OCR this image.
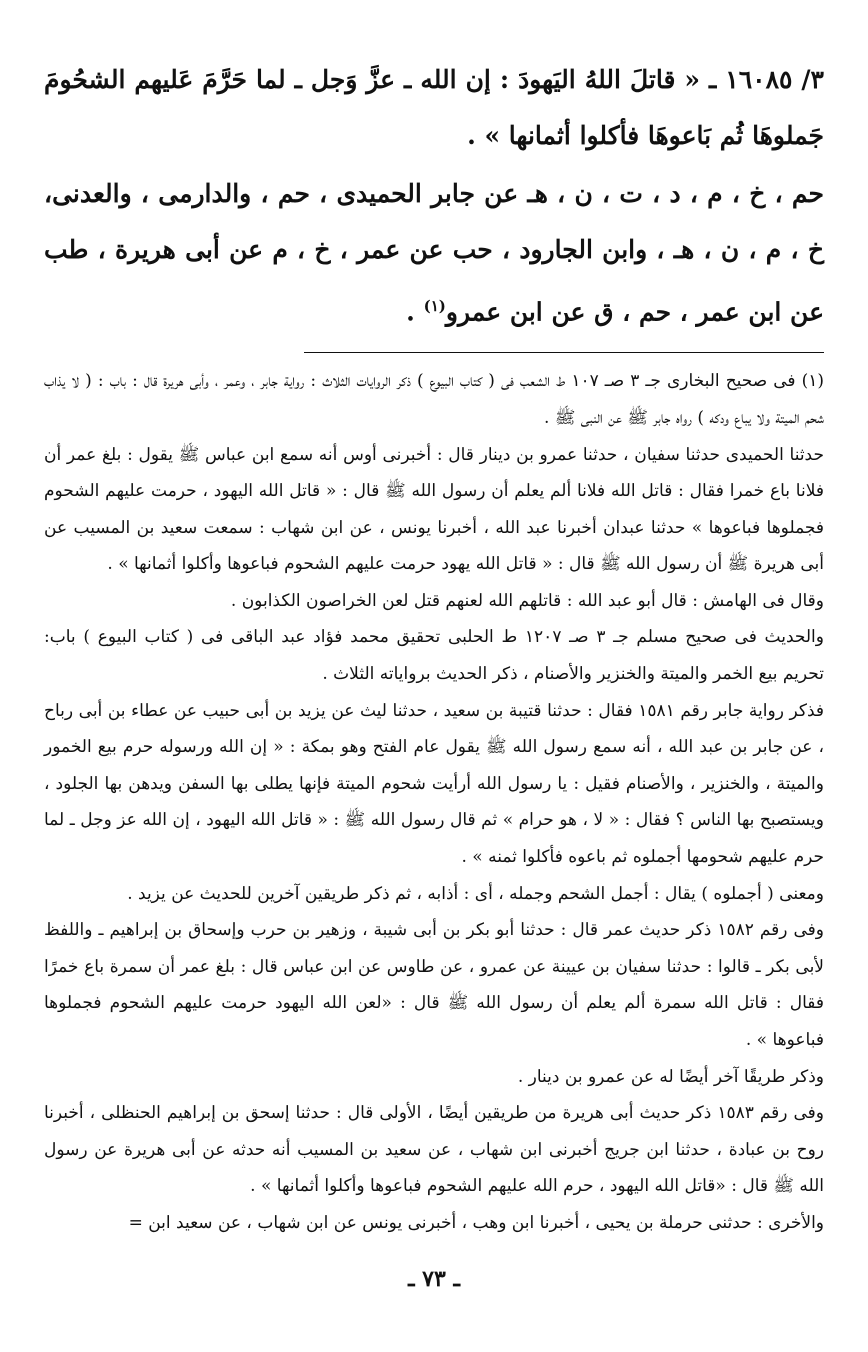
٣/ ١٦٠٨٥ ـ « قاتلَ اللهُ اليَهودَ : إن الله ـ عزَّ وَجل ـ لما حَرَّمَ عَليهم الشحُومَ جَملوهَا ثُم بَاعوهَا فأكلوا أثمانها » .

حم ، خ ، م ، د ، ت ، ن ، هـ عن جابر الحميدى ، حم ، والدارمى ، والعدنى، خ ، م ، ن ، هـ ، وابن الجارود ، حب عن عمر ، خ ، م عن أبى هريرة ، طب عن ابن عمر ، حم ، ق عن ابن عمرو$^{(١)}$ .

(١) فى صحيح البخارى جـ ٣ صـ ١٠٧ ط الشعب فى ( كتاب البيوع ) ذكر الروايات الثلاث : رواية جابر ، وعمر ، وأبى هريرة قال : باب : ( لا يذاب شحم الميتة ولا يباع ودكه ) رواه جابر ﷺ عن النبى ﷺ .

حدثنا الحميدى حدثنا سفيان ، حدثنا عمرو بن دينار قال : أخبرنى أوس أنه سمع ابن عباس ﷺ يقول : بلغ عمر أن فلانا باع خمرا فقال : قاتل الله فلانا ألم يعلم أن رسول الله ﷺ قال : « قاتل الله اليهود ، حرمت عليهم الشحوم فجملوها فباعوها » حدثنا عبدان أخبرنا عبد الله ، أخبرنا يونس ، عن ابن شهاب : سمعت سعيد بن المسيب عن أبى هريرة ﷺ أن رسول الله ﷺ قال : « قاتل الله يهود حرمت عليهم الشحوم فباعوها وأكلوا أثمانها » .

وقال فى الهامش : قال أبو عبد الله : قاتلهم الله لعنهم قتل لعن الخراصون الكذابون .

والحديث فى صحيح مسلم جـ ٣ صـ ١٢٠٧ ط الحلبى تحقيق محمد فؤاد عبد الباقى فى ( كتاب البيوع ) باب: تحريم بيع الخمر والميتة والخنزير والأصنام ، ذكر الحديث برواياته الثلاث .

فذكر رواية جابر رقم ١٥٨١ فقال : حدثنا قتيبة بن سعيد ، حدثنا ليث عن يزيد بن أبى حبيب عن عطاء بن أبى رباح ، عن جابر بن عبد الله ، أنه سمع رسول الله ﷺ يقول عام الفتح وهو بمكة : « إن الله ورسوله حرم بيع الخمور والميتة ، والخنزير ، والأصنام فقيل : يا رسول الله أرأيت شحوم الميتة فإنها يطلى بها السفن ويدهن بها الجلود ، ويستصبح بها الناس ؟ فقال : « لا ، هو حرام » ثم قال رسول الله ﷺ : « قاتل الله اليهود ، إن الله عز وجل ـ لما حرم عليهم شحومها أجملوه ثم باعوه فأكلوا ثمنه » .

ومعنى ( أجملوه ) يقال : أجمل الشحم وجمله ، أى : أذابه ، ثم ذكر طريقين آخرين للحديث عن يزيد .

وفى رقم ١٥٨٢ ذكر حديث عمر قال : حدثنا أبو بكر بن أبى شيبة ، وزهير بن حرب وإسحاق بن إبراهيم ـ واللفظ لأبى بكر ـ قالوا : حدثنا سفيان بن عيينة عن عمرو ، عن طاوس عن ابن عباس قال : بلغ عمر أن سمرة باع خمرًا فقال : قاتل الله سمرة ألم يعلم أن رسول الله ﷺ قال : «لعن الله اليهود حرمت عليهم الشحوم فجملوها فباعوها » .

وذكر طريقًا آخر أيضًا له عن عمرو بن دينار .

وفى رقم ١٥٨٣ ذكر حديث أبى هريرة من طريقين أيضًا ، الأولى قال : حدثنا إسحق بن إبراهيم الحنظلى ، أخبرنا روح بن عبادة ، حدثنا ابن جريج أخبرنى ابن شهاب ، عن سعيد بن المسيب أنه حدثه عن أبى هريرة عن رسول الله ﷺ قال : «قاتل الله اليهود ، حرم الله عليهم الشحوم فباعوها وأكلوا أثمانها » .

والأخرى : حدثنى حرملة بن يحيى ، أخبرنا ابن وهب ، أخبرنى يونس عن ابن شهاب ، عن سعيد ابن =

ـ ٧٣ ـ
